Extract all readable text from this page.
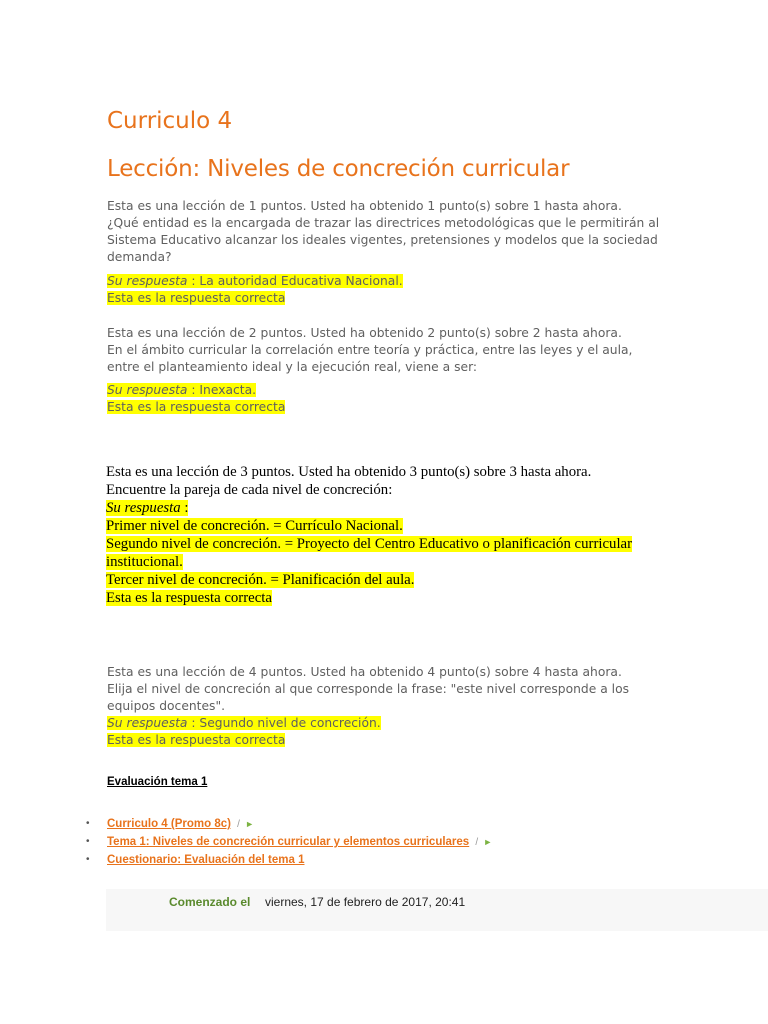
Curriculo 4
Lección: Niveles de concreción curricular

Esta es una lección de 1 puntos. Usted ha obtenido 1 punto(s) sobre 1 hasta ahora.

¿Qué entidad es la encargada de trazar las directrices metodológicas que le permitirán al Sistema Educativo alcanzar los ideales vigentes, pretensiones y modelos que la sociedad demanda?

Su respuesta : La autoridad Educativa Nacional.

Esta es la respuesta correcta

Esta es una lección de 2 puntos. Usted ha obtenido 2 punto(s) sobre 2 hasta ahora.

En el ámbito curricular la correlación entre teoría y práctica, entre las leyes y el aula, entre el planteamiento ideal y la ejecución real, viene a ser:

Su respuesta : Inexacta.

Esta es la respuesta correcta

Esta es una lección de 3 puntos. Usted ha obtenido 3 punto(s) sobre 3 hasta ahora.

Encuentre la pareja de cada nivel de concreción:

Su respuesta :

Primer nivel de concreción. = Currículo Nacional.

Segundo nivel de concreción. = Proyecto del Centro Educativo o planificación curricular institucional.

Tercer nivel de concreción. = Planificación del aula.

Esta es la respuesta correcta

Esta es una lección de 4 puntos. Usted ha obtenido 4 punto(s) sobre 4 hasta ahora.

Elija el nivel de concreción al que corresponde la frase: "este nivel corresponde a los equipos docentes".

Su respuesta : Segundo nivel de concreción.

Esta es la respuesta correcta

Evaluación tema 1

• Curriculo 4 (Promo 8c) / ►
• Tema 1: Niveles de concreción curricular y elementos curriculares / ►
• Cuestionario: Evaluación del tema 1
Comenzado el viernes, 17 de febrero de 2017, 20:41
